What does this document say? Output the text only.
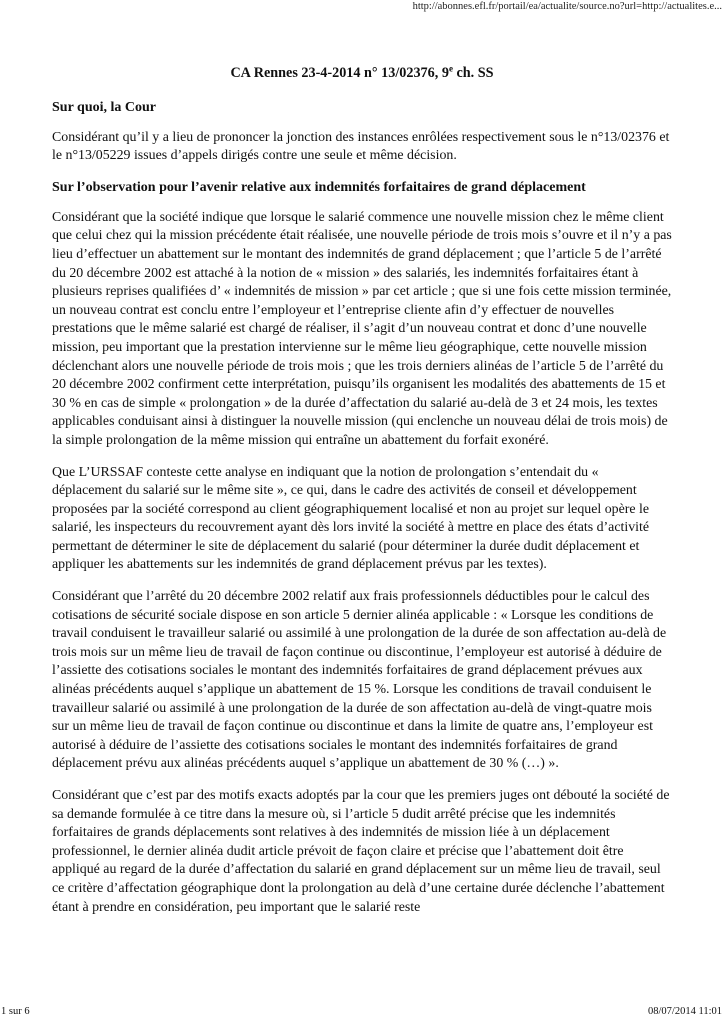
http://abonnes.efl.fr/portail/ea/actualite/source.no?url=http://actualites.e...
CA Rennes 23-4-2014 n° 13/02376, 9e ch. SS
Sur quoi, la Cour

Considérant qu’il y a lieu de prononcer la jonction des instances enrôlées respectivement sous le n°13/02376 et le n°13/05229 issues d’appels dirigés contre une seule et même décision.

Sur l’observation pour l’avenir relative aux indemnités forfaitaires de grand déplacement

Considérant que la société indique que lorsque le salarié commence une nouvelle mission chez le même client que celui chez qui la mission précédente était réalisée, une nouvelle période de trois mois s’ouvre et il n’y a pas lieu d’effectuer un abattement sur le montant des indemnités de grand déplacement ; que l’article 5 de l’arrêté du 20 décembre 2002 est attaché à la notion de « mission » des salariés, les indemnités forfaitaires étant à plusieurs reprises qualifiées d’ « indemnités de mission » par cet article ; que si une fois cette mission terminée, un nouveau contrat est conclu entre l’employeur et l’entreprise cliente afin d’y effectuer de nouvelles prestations que le même salarié est chargé de réaliser, il s’agit d’un nouveau contrat et donc d’une nouvelle mission, peu important que la prestation intervienne sur le même lieu géographique, cette nouvelle mission déclenchant alors une nouvelle période de trois mois ; que les trois derniers alinéas de l’article 5 de l’arrêté du 20 décembre 2002 confirment cette interprétation, puisqu’ils organisent les modalités des abattements de 15 et 30 % en cas de simple « prolongation » de la durée d’affectation du salarié au-delà de 3 et 24 mois, les textes applicables conduisant ainsi à distinguer la nouvelle mission (qui enclenche un nouveau délai de trois mois) de la simple prolongation de la même mission qui entraîne un abattement du forfait exonéré.

Que L’URSSAF conteste cette analyse en indiquant que la notion de prolongation s’entendait du « déplacement du salarié sur le même site », ce qui, dans le cadre des activités de conseil et développement proposées par la société correspond au client géographiquement localisé et non au projet sur lequel opère le salarié, les inspecteurs du recouvrement ayant dès lors invité la société à mettre en place des états d’activité permettant de déterminer le site de déplacement du salarié (pour déterminer la durée dudit déplacement et appliquer les abattements sur les indemnités de grand déplacement prévus par les textes).

Considérant que l’arrêté du 20 décembre 2002 relatif aux frais professionnels déductibles pour le calcul des cotisations de sécurité sociale dispose en son article 5 dernier alinéa applicable : « Lorsque les conditions de travail conduisent le travailleur salarié ou assimilé à une prolongation de la durée de son affectation au-delà de trois mois sur un même lieu de travail de façon continue ou discontinue, l’employeur est autorisé à déduire de l’assiette des cotisations sociales le montant des indemnités forfaitaires de grand déplacement prévues aux alinéas précédents auquel s’applique un abattement de 15 %. Lorsque les conditions de travail conduisent le travailleur salarié ou assimilé à une prolongation de la durée de son affectation au-delà de vingt-quatre mois sur un même lieu de travail de façon continue ou discontinue et dans la limite de quatre ans, l’employeur est autorisé à déduire de l’assiette des cotisations sociales le montant des indemnités forfaitaires de grand déplacement prévu aux alinéas précédents auquel s’applique un abattement de 30 % (…) ».

Considérant que c’est par des motifs exacts adoptés par la cour que les premiers juges ont débouté la société de sa demande formulée à ce titre dans la mesure où, si l’article 5 dudit arrêté précise que les indemnités forfaitaires de grands déplacements sont relatives à des indemnités de mission liée à un déplacement professionnel, le dernier alinéa dudit article prévoit de façon claire et précise que l’abattement doit être appliqué au regard de la durée d’affectation du salarié en grand déplacement sur un même lieu de travail, seul ce critère d’affectation géographique dont la prolongation au delà d’une certaine durée déclenche l’abattement étant à prendre en considération, peu important que le salarié reste

1 sur 6	08/07/2014 11:01
